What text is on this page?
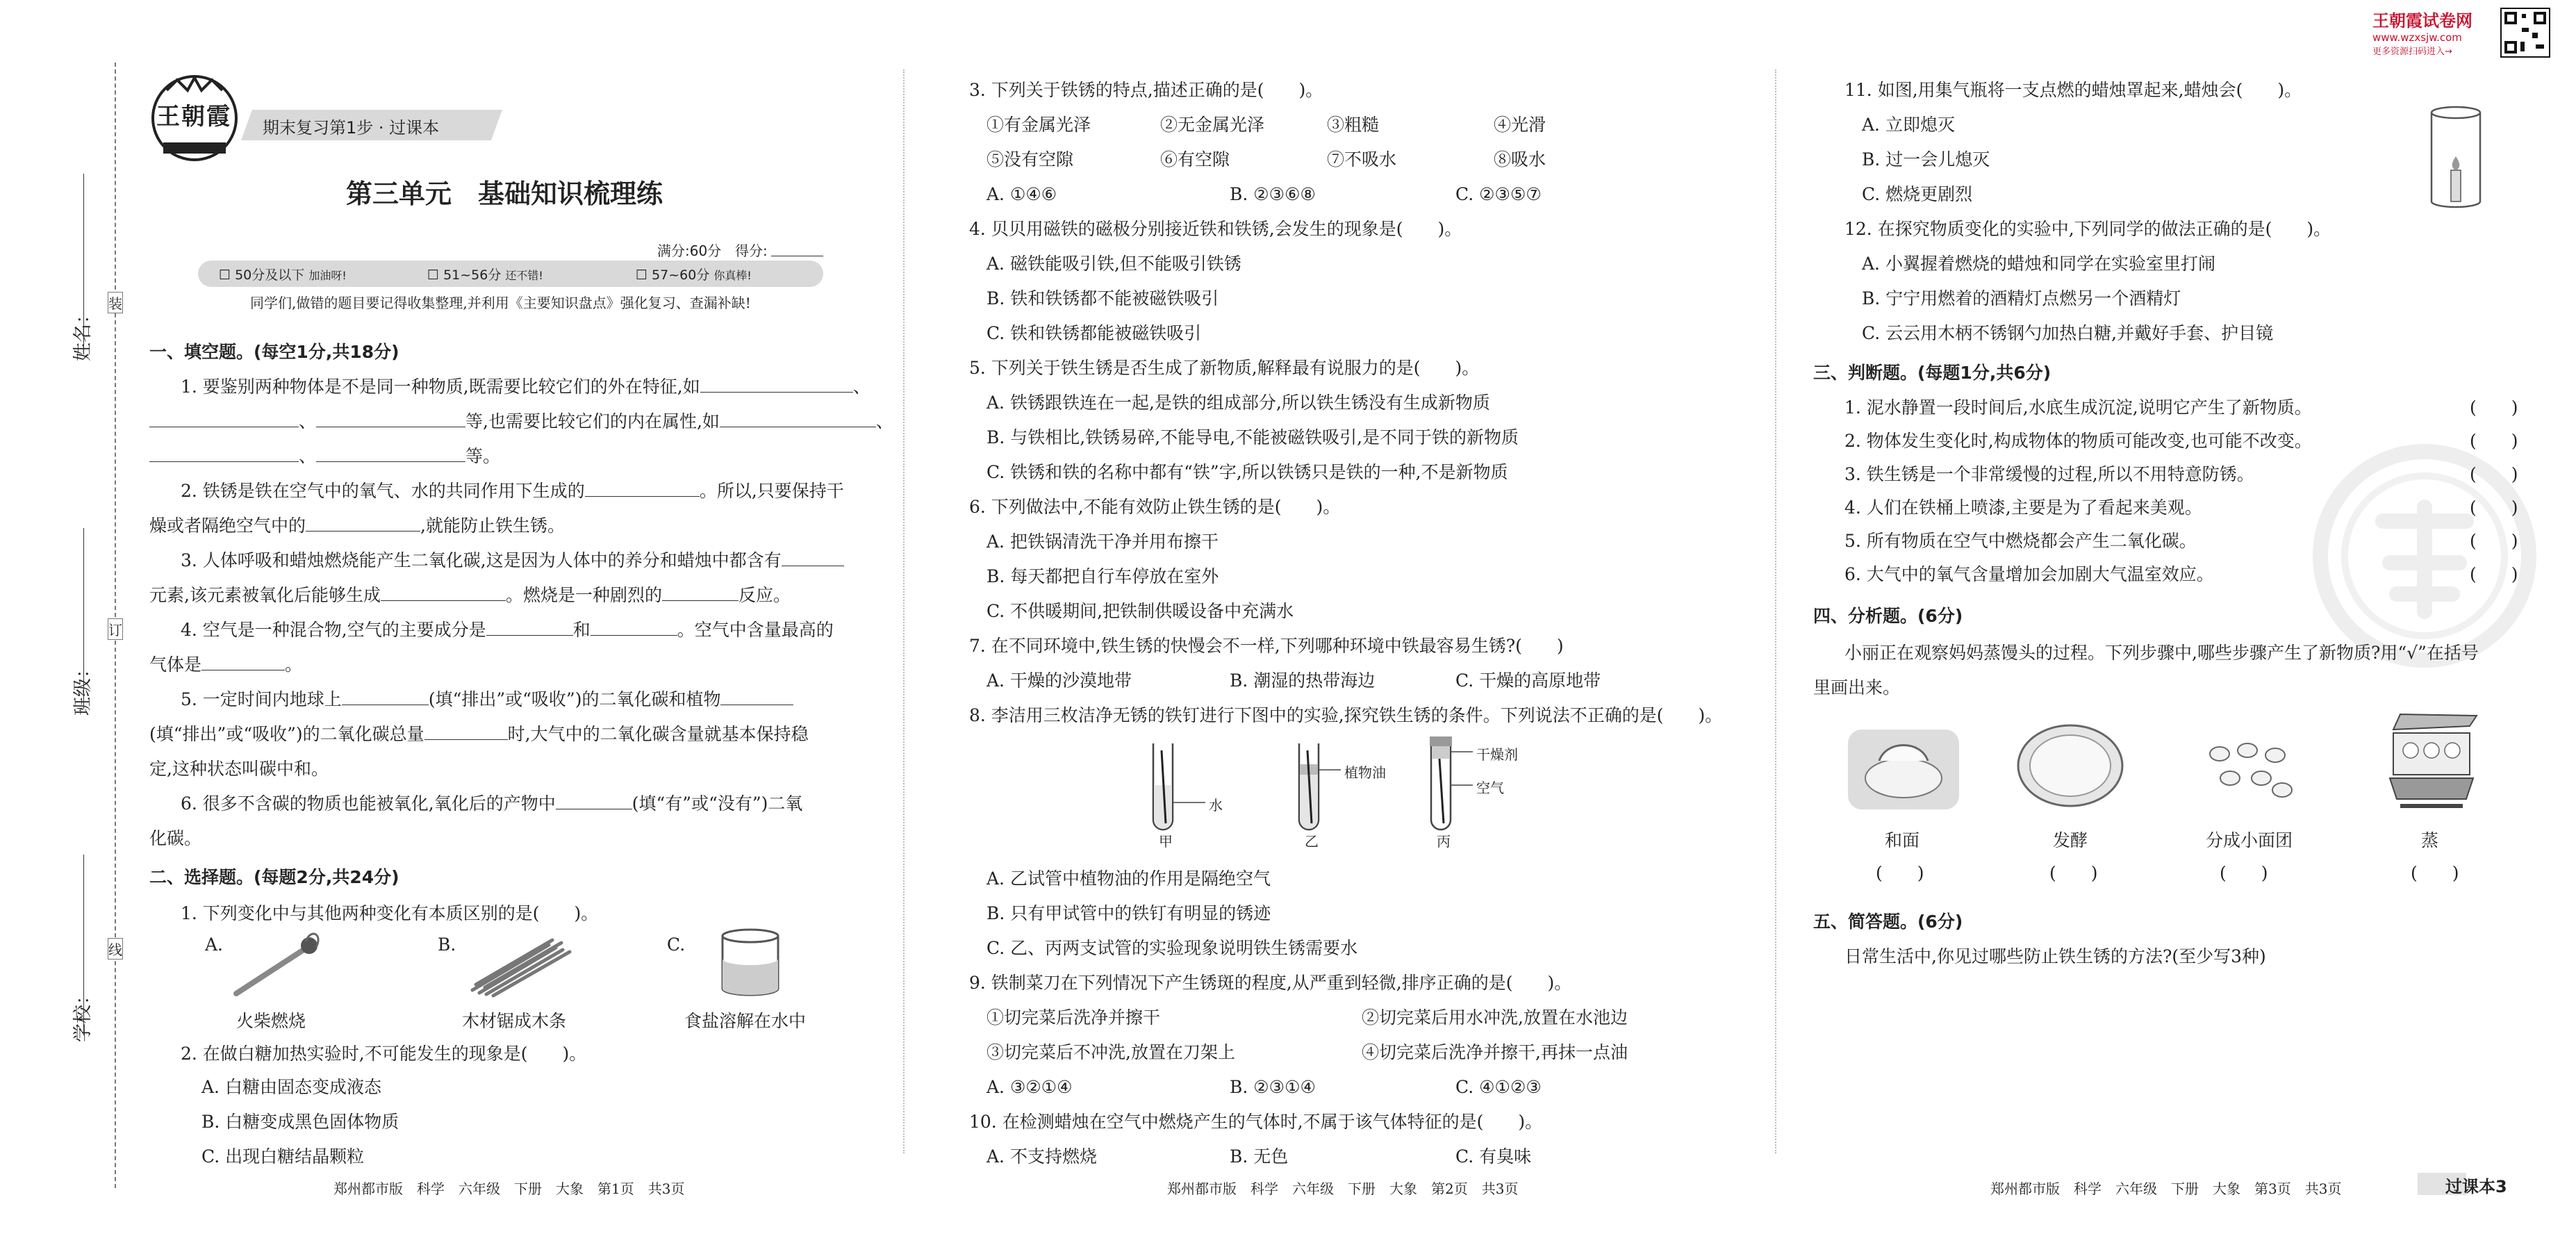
装
订
线
姓名：
班级：
学校：
王朝霞试卷网
www.wzxsjw.com
更多资源扫码进入→
王朝霞 期末复习第1步 · 过课本
第三单元　基础知识梳理练
满分:60分 得分:
☐ 50分及以下 加油呀!	☐ 51~56分 还不错!	☐ 57~60分 你真棒!
同学们,做错的题目要记得收集整理,并利用《主要知识盘点》强化复习、查漏补缺!
一、填空题。(每空1分,共18分)
1. 要鉴别两种物体是不是同一种物质,既需要比较它们的外在特征,如	、
、	等,也需要比较它们的内在属性,如	、
、	等。
2. 铁锈是铁在空气中的氧气、水的共同作用下生成的	。所以,只要保持干
燥或者隔绝空气中的	,就能防止铁生锈。
3. 人体呼吸和蜡烛燃烧能产生二氧化碳,这是因为人体中的养分和蜡烛中都含有
元素,该元素被氧化后能够生成	。燃烧是一种剧烈的	反应。
4. 空气是一种混合物,空气的主要成分是	和	。空气中含量最高的
气体是	。
5. 一定时间内地球上	(填“排出”或“吸收”)的二氧化碳和植物
(填“排出”或“吸收”)的二氧化碳总量	时,大气中的二氧化碳含量就基本保持稳
定,这种状态叫碳中和。
6. 很多不含碳的物质也能被氧化,氧化后的产物中	(填“有”或“没有”)二氧
化碳。
二、选择题。(每题2分,共24分)
1. 下列变化中与其他两种变化有本质区别的是(　　)。
A.
火柴燃烧
B.
木材锯成木条
C.
食盐溶解在水中
2. 在做白糖加热实验时,不可能发生的现象是(　　)。
A. 白糖由固态变成液态
B. 白糖变成黑色固体物质
C. 出现白糖结晶颗粒
郑州都市版　科学　六年级　下册　大象　第1页　共3页
3. 下列关于铁锈的特点,描述正确的是(　　)。
①有金属光泽	②无金属光泽	③粗糙	④光滑
⑤没有空隙	⑥有空隙	⑦不吸水	⑧吸水
A. ①④⑥	B. ②③⑥⑧	C. ②③⑤⑦
4. 贝贝用磁铁的磁极分别接近铁和铁锈,会发生的现象是(　　)。
A. 磁铁能吸引铁,但不能吸引铁锈
B. 铁和铁锈都不能被磁铁吸引
C. 铁和铁锈都能被磁铁吸引
5. 下列关于铁生锈是否生成了新物质,解释最有说服力的是(　　)。
A. 铁锈跟铁连在一起,是铁的组成部分,所以铁生锈没有生成新物质
B. 与铁相比,铁锈易碎,不能导电,不能被磁铁吸引,是不同于铁的新物质
C. 铁锈和铁的名称中都有“铁”字,所以铁锈只是铁的一种,不是新物质
6. 下列做法中,不能有效防止铁生锈的是(　　)。
A. 把铁锅清洗干净并用布擦干
B. 每天都把自行车停放在室外
C. 不供暖期间,把铁制供暖设备中充满水
7. 在不同环境中,铁生锈的快慢会不一样,下列哪种环境中铁最容易生锈?(　　)
A. 干燥的沙漠地带	B. 潮湿的热带海边	C. 干燥的高原地带
8. 李洁用三枚洁净无锈的铁钉进行下图中的实验,探究铁生锈的条件。下列说法不正确的是(　　)。
水
植物油
干燥剂
空气
甲	乙	丙
A. 乙试管中植物油的作用是隔绝空气
B. 只有甲试管中的铁钉有明显的锈迹
C. 乙、丙两支试管的实验现象说明铁生锈需要水
9. 铁制菜刀在下列情况下产生锈斑的程度,从严重到轻微,排序正确的是(　　)。
①切完菜后洗净并擦干	②切完菜后用水冲洗,放置在水池边
③切完菜后不冲洗,放置在刀架上	④切完菜后洗净并擦干,再抹一点油
A. ③②①④	B. ②③①④	C. ④①②③
10. 在检测蜡烛在空气中燃烧产生的气体时,不属于该气体特征的是(　　)。
A. 不支持燃烧	B. 无色	C. 有臭味
郑州都市版　科学　六年级　下册　大象　第2页　共3页
11. 如图,用集气瓶将一支点燃的蜡烛罩起来,蜡烛会(　　)。
A. 立即熄灭
B. 过一会儿熄灭
C. 燃烧更剧烈
12. 在探究物质变化的实验中,下列同学的做法正确的是(　　)。
A. 小翼握着燃烧的蜡烛和同学在实验室里打闹
B. 宁宁用燃着的酒精灯点燃另一个酒精灯
C. 云云用木柄不锈钢勺加热白糖,并戴好手套、护目镜
三、判断题。(每题1分,共6分)
1. 泥水静置一段时间后,水底生成沉淀,说明它产生了新物质。	(　　)
2. 物体发生变化时,构成物体的物质可能改变,也可能不改变。	(　　)
3. 铁生锈是一个非常缓慢的过程,所以不用特意防锈。	(　　)
4. 人们在铁桶上喷漆,主要是为了看起来美观。	(　　)
5. 所有物质在空气中燃烧都会产生二氧化碳。	(　　)
6. 大气中的氧气含量增加会加剧大气温室效应。	(　　)
四、分析题。(6分)
小丽正在观察妈妈蒸馒头的过程。下列步骤中,哪些步骤产生了新物质?用“√”在括号
里画出来。
和面	发酵	分成小面团	蒸
(　　)	(　　)	(　　)	(　　)
五、简答题。(6分)
日常生活中,你见过哪些防止铁生锈的方法?(至少写3种)
郑州都市版　科学　六年级　下册　大象　第3页　共3页	过课本3
